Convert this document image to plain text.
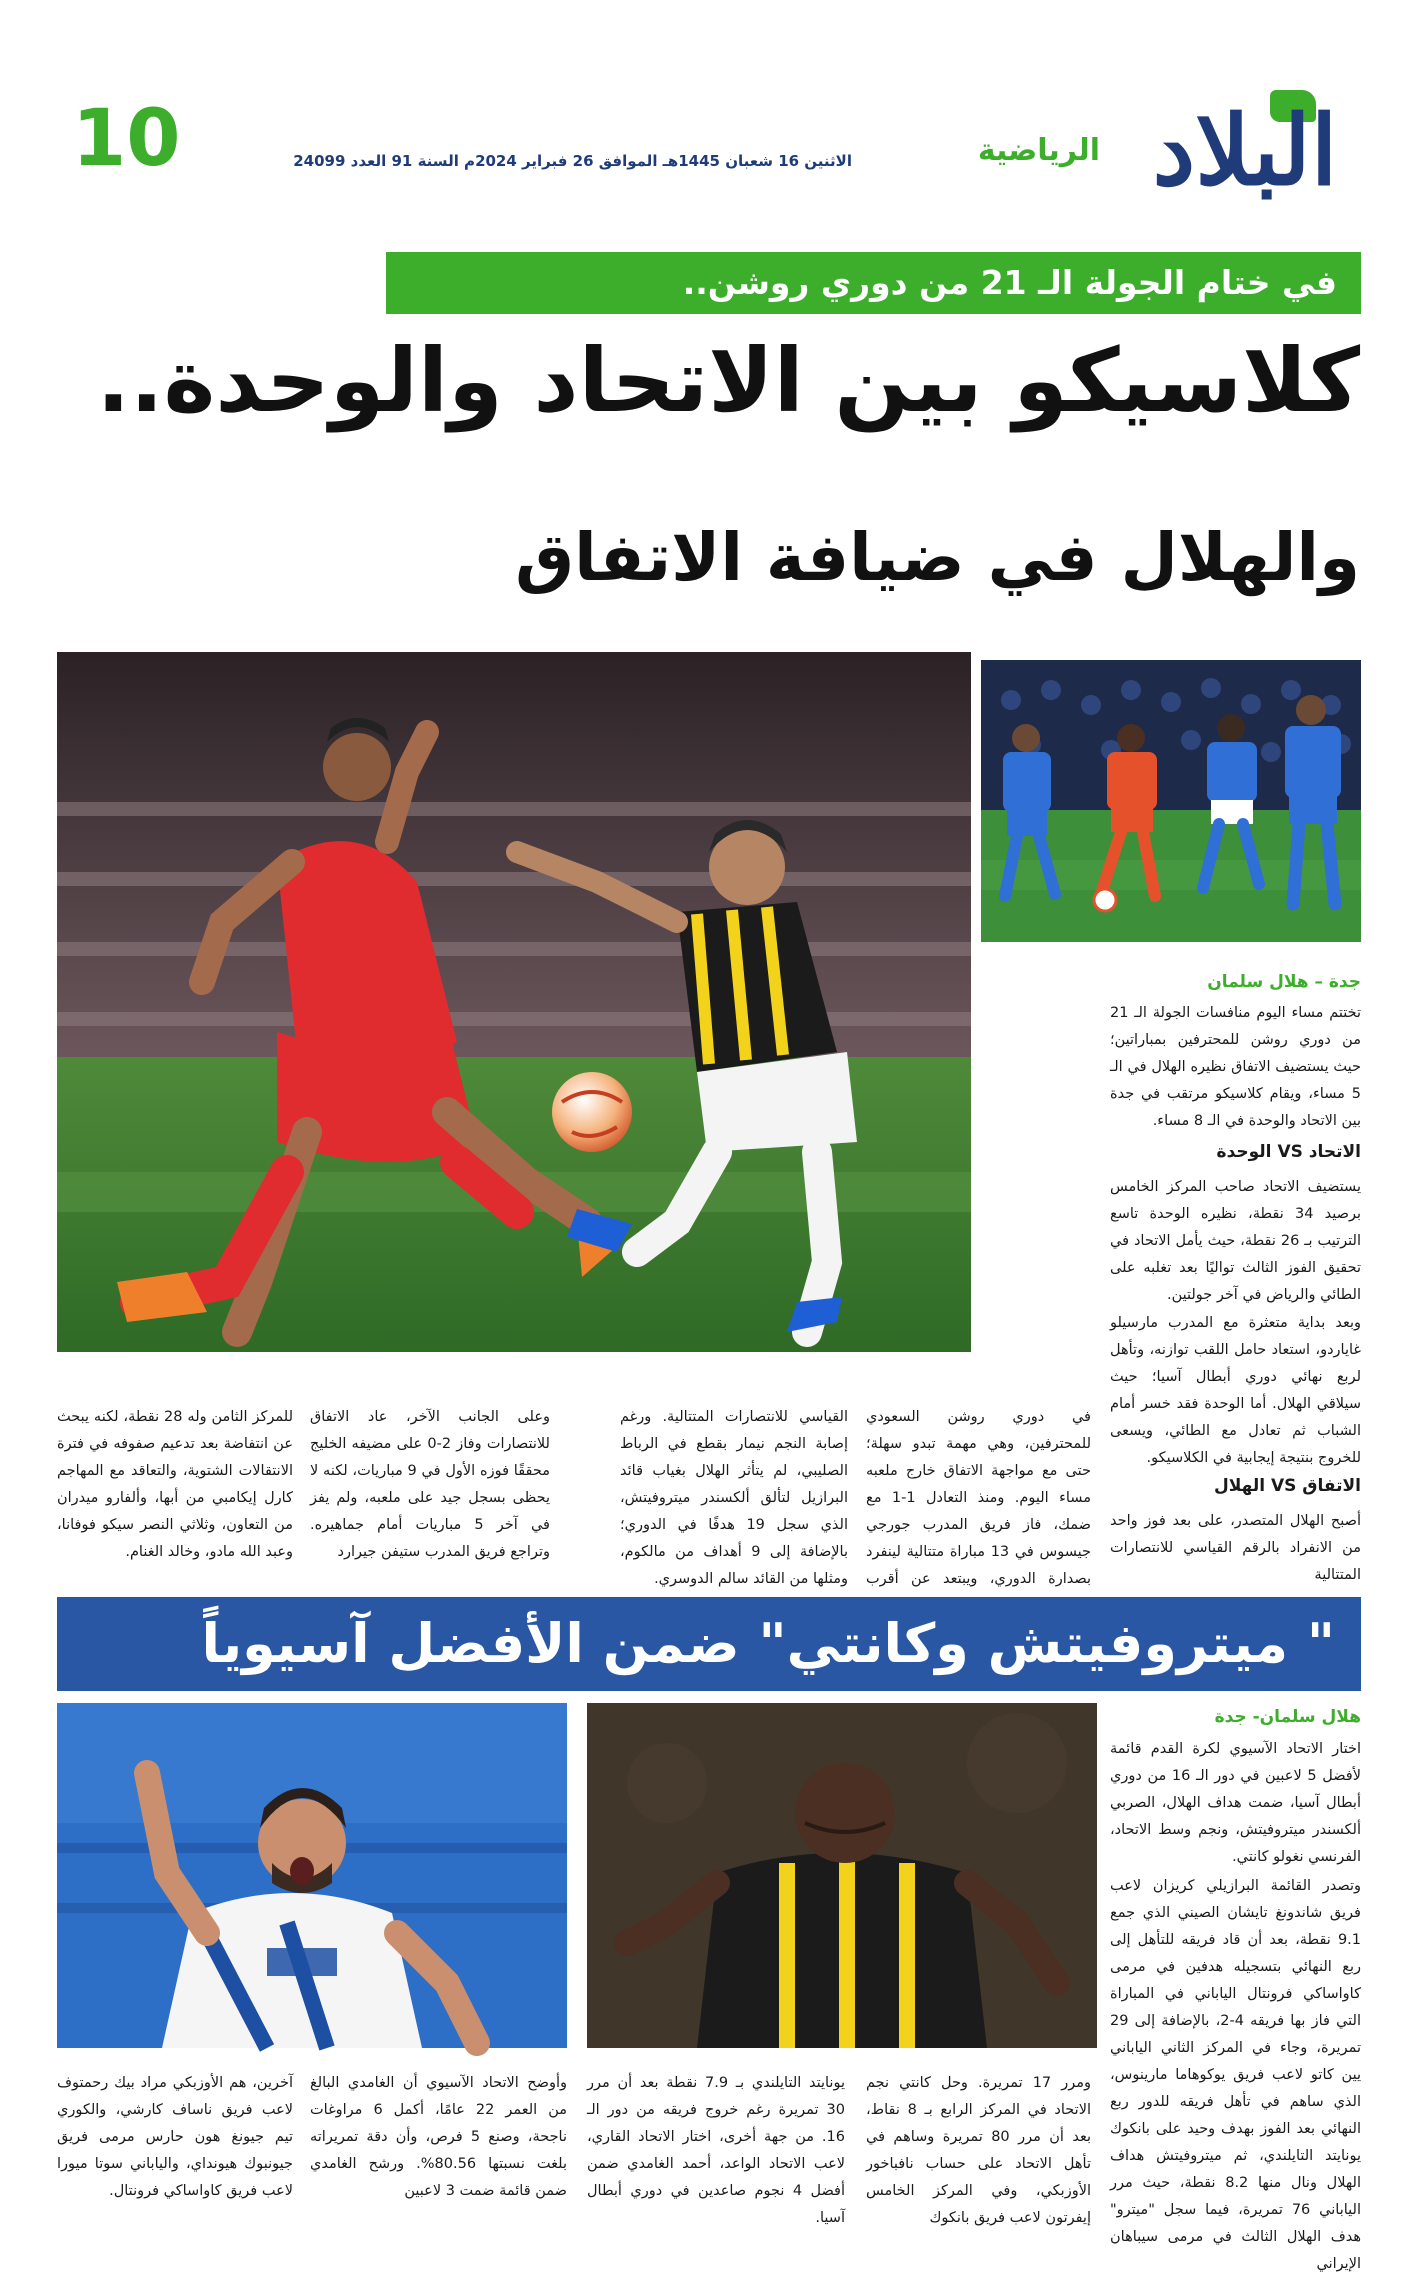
10	الاثنين 16 شعبان 1445هـ الموافق 26 فبراير 2024م السنة 91 العدد 24099	الرياضية البلاد
في ختام الجولة الـ 21 من دوري روشن..
كلاسيكو بين الاتحاد والوحدة..
والهلال في ضيافة الاتفاق
جدة – هلال سلمان
تختتم مساء اليوم منافسات الجولة الـ 21 من دوري روشن للمحترفين بمباراتين؛ حيث يستضيف الاتفاق نظيره الهلال في الـ 5 مساء، ويقام كلاسيكو مرتقب في جدة بين الاتحاد والوحدة في الـ 8 مساء.
الاتحاد VS الوحدة
يستضيف الاتحاد صاحب المركز الخامس برصيد 34 نقطة، نظيره الوحدة تاسع الترتيب بـ 26 نقطة، حيث يأمل الاتحاد في تحقيق الفوز الثالث تواليًا بعد تغلبه على الطائي والرياض في آخر جولتين.
وبعد بداية متعثرة مع المدرب مارسيلو غاياردو، استعاد حامل اللقب توازنه، وتأهل لربع نهائي دوري أبطال آسيا؛ حيث سيلاقي الهلال. أما الوحدة فقد خسر أمام الشباب ثم تعادل مع الطائي، ويسعى للخروج بنتيجة إيجابية في الكلاسيكو.
الاتفاق VS الهلال
أصبح الهلال المتصدر، على بعد فوز واحد من الانفراد بالرقم القياسي للانتصارات المتتالية
في دوري روشن السعودي للمحترفين، وهي مهمة تبدو سهلة؛ حتى مع مواجهة الاتفاق خارج ملعبه مساء اليوم. ومنذ التعادل 1-1 مع ضمك، فاز فريق المدرب جورجي جيسوس في 13 مباراة متتالية لينفرد بصدارة الدوري، ويبتعد عن أقرب
القياسي للانتصارات المتتالية. ورغم إصابة النجم نيمار بقطع في الرباط الصليبي، لم يتأثر الهلال بغياب قائد البرازيل لتألق ألكسندر ميتروفيتش، الذي سجل 19 هدفًا في الدوري؛ بالإضافة إلى 9 أهداف من مالكوم، ومثلها من القائد سالم الدوسري.
وعلى الجانب الآخر، عاد الاتفاق للانتصارات وفاز 2-0 على مضيفه الخليج محققًا فوزه الأول في 9 مباريات، لكنه لا يحظى بسجل جيد على ملعبه، ولم يفز في آخر 5 مباريات أمام جماهيره. وتراجع فريق المدرب ستيفن جيرارد
للمركز الثامن وله 28 نقطة، لكنه يبحث عن انتفاضة بعد تدعيم صفوفه في فترة الانتقالات الشتوية، والتعاقد مع المهاجم كارل إيكامبي من أبها، وألفارو ميدران من التعاون، وثلاثي النصر سيكو فوفانا، وعبد الله مادو، وخالد الغنام.
" ميتروفيتش وكانتي" ضمن الأفضل آسيوياً
هلال سلمان- جدة
اختار الاتحاد الآسيوي لكرة القدم قائمة لأفضل 5 لاعبين في دور الـ 16 من دوري أبطال آسيا، ضمت هداف الهلال، الصربي ألكسندر ميتروفيتش، ونجم وسط الاتحاد، الفرنسي نغولو كانتي.
وتصدر القائمة البرازيلي كريزان لاعب فريق شاندونغ تايشان الصيني الذي جمع 9.1 نقطة، بعد أن قاد فريقه للتأهل إلى ربع النهائي بتسجيله هدفين في مرمى كاواساكي فرونتال الياباني في المباراة التي فاز بها فريقه 4-2، بالإضافة إلى 29 تمريرة، وجاء في المركز الثاني الياباني يين كاتو لاعب فريق يوكوهاما مارينوس، الذي ساهم في تأهل فريقه للدور ربع النهائي بعد الفوز بهدف وحيد على بانكوك يونايتد التايلندي، ثم ميتروفيتش هداف الهلال ونال منها 8.2 نقطة، حيث مرر الياباني 76 تمريرة، فيما سجل "ميترو" هدف الهلال الثالث في مرمى سيباهان الإيراني
ومرر 17 تمريرة. وحل كانتي نجم الاتحاد في المركز الرابع بـ 8 نقاط، بعد أن مرر 80 تمريرة وساهم في تأهل الاتحاد على حساب نافباخور الأوزبكي، وفي المركز الخامس إيفرتون لاعب فريق بانكوك
يونايتد التايلندي بـ 7.9 نقطة بعد أن مرر 30 تمريرة رغم خروج فريقه من دور الـ 16. من جهة أخرى، اختار الاتحاد القاري، لاعب الاتحاد الواعد، أحمد الغامدي ضمن أفضل 4 نجوم صاعدين في دوري أبطال آسيا.
وأوضح الاتحاد الآسيوي أن الغامدي البالغ من العمر 22 عامًا، أكمل 6 مراوغات ناجحة، وصنع 5 فرص، وأن دقة تمريراته بلغت نسبتها 80.56%. ورشح الغامدي ضمن قائمة ضمت 3 لاعبين
آخرين، هم الأوزبكي مراد بيك رحمتوف لاعب فريق ناساف كارشي، والكوري تيم جيونغ هون حارس مرمى فريق جيونبوك هيونداي، والياباني سوتا ميورا لاعب فريق كاواساكي فرونتال.
